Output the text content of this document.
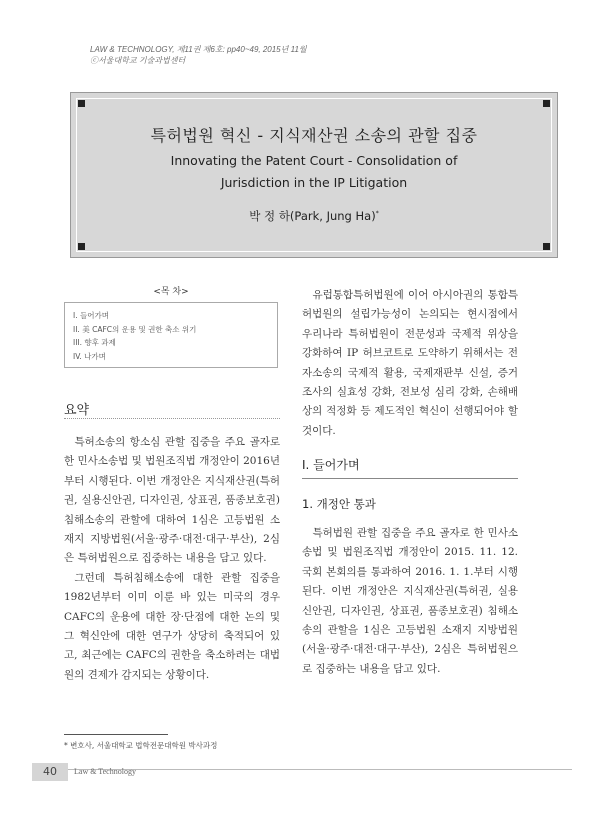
LAW & TECHNOLOGY, 제11권 제6호: pp40~49, 2015년 11월
ⓒ서울대학교 기술과법센터
특허법원 혁신 - 지식재산권 소송의 관할 집중
Innovating the Patent Court - Consolidation of
Jurisdiction in the IP Litigation
박 정 하(Park, Jung Ha)*
<목 차>
I. 들어가며
II. 美 CAFC의 운용 및 권한 축소 위기
III. 향후 과제
IV. 나가며
요약

특허소송의 항소심 관할 집중을 주요 골자로 한 민사소송법 및 법원조직법 개정안이 2016년부터 시행된다. 이번 개정안은 지식재산권(특허권, 실용신안권, 디자인권, 상표권, 품종보호권) 침해소송의 관할에 대하여 1심은 고등법원 소재지 지방법원(서울·광주·대전·대구·부산), 2심은 특허법원으로 집중하는 내용을 담고 있다.

그런데 특허침해소송에 대한 관할 집중을 1982년부터 이미 이룬 바 있는 미국의 경우 CAFC의 운용에 대한 장·단점에 대한 논의 및 그 혁신안에 대한 연구가 상당히 축적되어 있고, 최근에는 CAFC의 권한을 축소하려는 대법원의 견제가 감지되는 상황이다.

유럽통합특허법원에 이어 아시아권의 통합특허법원의 설립가능성이 논의되는 현시점에서 우리나라 특허법원이 전문성과 국제적 위상을 강화하여 IP 허브코트로 도약하기 위해서는 전자소송의 국제적 활용, 국제재판부 신설, 증거조사의 실효성 강화, 전보성 심리 강화, 손해배상의 적정화 등 제도적인 혁신이 선행되어야 할 것이다.

I. 들어가며
1. 개정안 통과

특허법원 관할 집중을 주요 골자로 한 민사소송법 및 법원조직법 개정안이 2015. 11. 12. 국회 본회의를 통과하여 2016. 1. 1.부터 시행된다. 이번 개정안은 지식재산권(특허권, 실용신안권, 디자인권, 상표권, 품종보호권) 침해소송의 관할을 1심은 고등법원 소재지 지방법원(서울·광주·대전·대구·부산), 2심은 특허법원으로 집중하는 내용을 담고 있다.

* 변호사, 서울대학교 법학전문대학원 박사과정
40	Law & Technology
